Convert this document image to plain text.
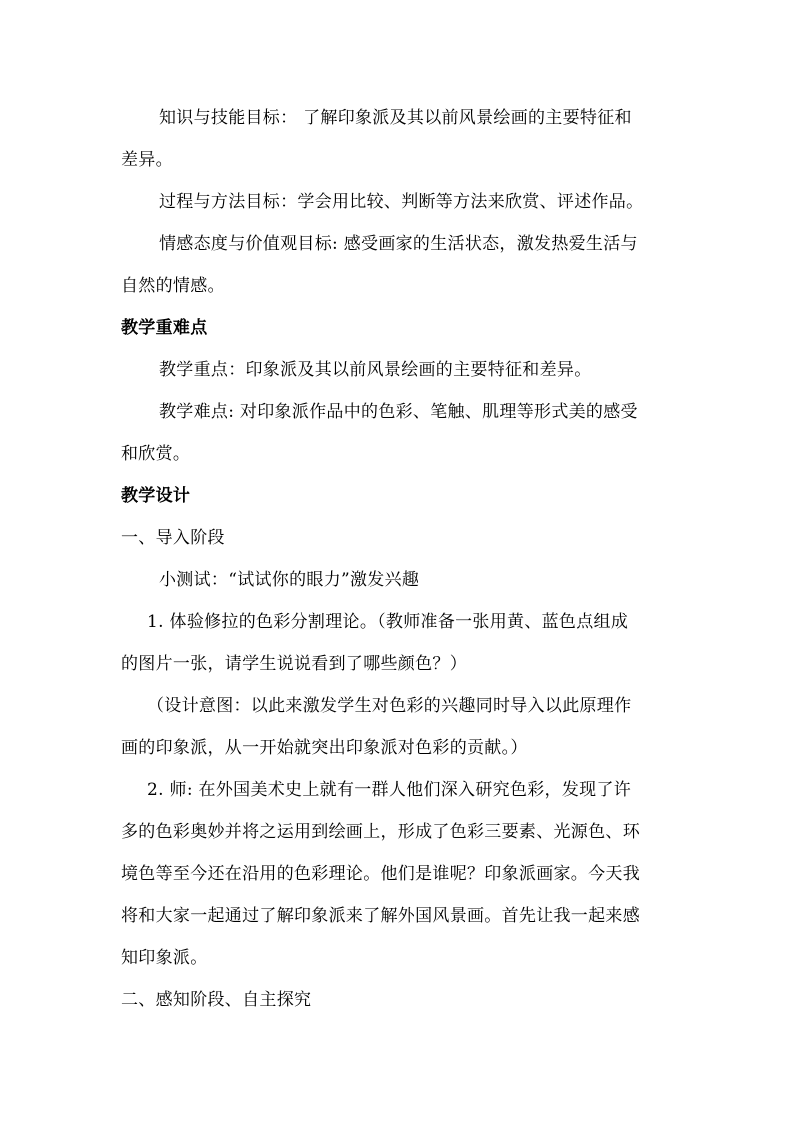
知识与技能目标： 了解印象派及其以前风景绘画的主要特征和
差异。
过程与方法目标：学会用比较、判断等方法来欣赏、评述作品。
情感态度与价值观目标: 感受画家的生活状态，激发热爱生活与
自然的情感。
教学重难点
教学重点：印象派及其以前风景绘画的主要特征和差异。
教学难点: 对印象派作品中的色彩、笔触、肌理等形式美的感受
和欣赏。
教学设计
一、导入阶段
小测试：“试试你的眼力”激发兴趣
1. 体验修拉的色彩分割理论。（教师准备一张用黄、蓝色点组成
的图片一张，请学生说说看到了哪些颜色？）
（设计意图：以此来激发学生对色彩的兴趣同时导入以此原理作
画的印象派，从一开始就突出印象派对色彩的贡献。）
2. 师: 在外国美术史上就有一群人他们深入研究色彩，发现了许
多的色彩奥妙并将之运用到绘画上，形成了色彩三要素、光源色、环
境色等至今还在沿用的色彩理论。他们是谁呢？印象派画家。今天我
将和大家一起通过了解印象派来了解外国风景画。首先让我一起来感
知印象派。
二、感知阶段、自主探究
